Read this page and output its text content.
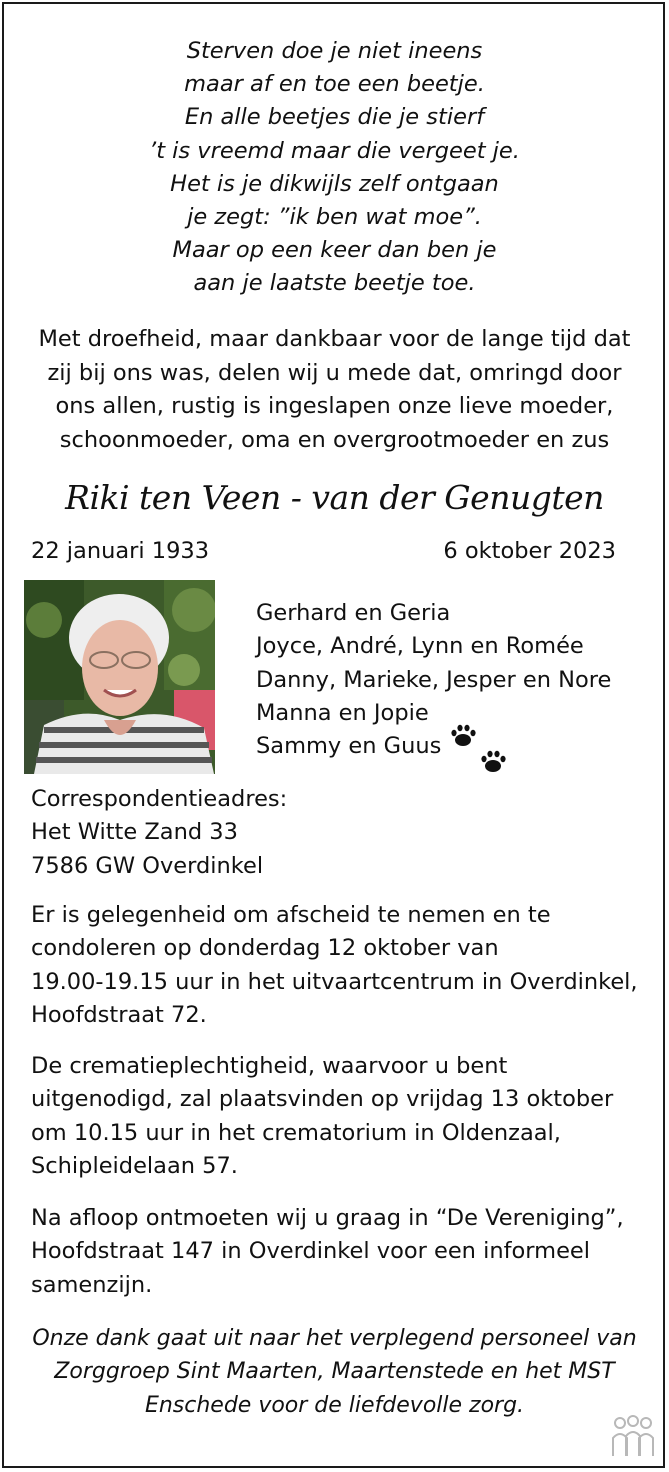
Sterven doe je niet ineens
maar af en toe een beetje.
En alle beetjes die je stierf
’t is vreemd maar die vergeet je.
Het is je dikwijls zelf ontgaan
je zegt: ”ik ben wat moe”.
Maar op een keer dan ben je
aan je laatste beetje toe.
Met droefheid, maar dankbaar voor de lange tijd dat
zij bij ons was, delen wij u mede dat, omringd door
ons allen, rustig is ingeslapen onze lieve moeder,
schoonmoeder, oma en overgrootmoeder en zus
Riki ten Veen - van der Genugten
22 januari 1933	6 oktober 2023
Gerhard en Geria
Joyce, André, Lynn en Romée
Danny, Marieke, Jesper en Nore
Manna en Jopie
Sammy en Guus
Correspondentieadres:
Het Witte Zand 33
7586 GW Overdinkel
Er is gelegenheid om afscheid te nemen en te
condoleren op donderdag 12 oktober van
19.00-19.15 uur in het uitvaartcentrum in Overdinkel,
Hoofdstraat 72.
De crematieplechtigheid, waarvoor u bent
uitgenodigd, zal plaatsvinden op vrijdag 13 oktober
om 10.15 uur in het crematorium in Oldenzaal,
Schipleidelaan 57.
Na afloop ontmoeten wij u graag in “De Vereniging”,
Hoofdstraat 147 in Overdinkel voor een informeel
samenzijn.
Onze dank gaat uit naar het verplegend personeel van
Zorggroep Sint Maarten, Maartenstede en het MST
Enschede voor de liefdevolle zorg.
